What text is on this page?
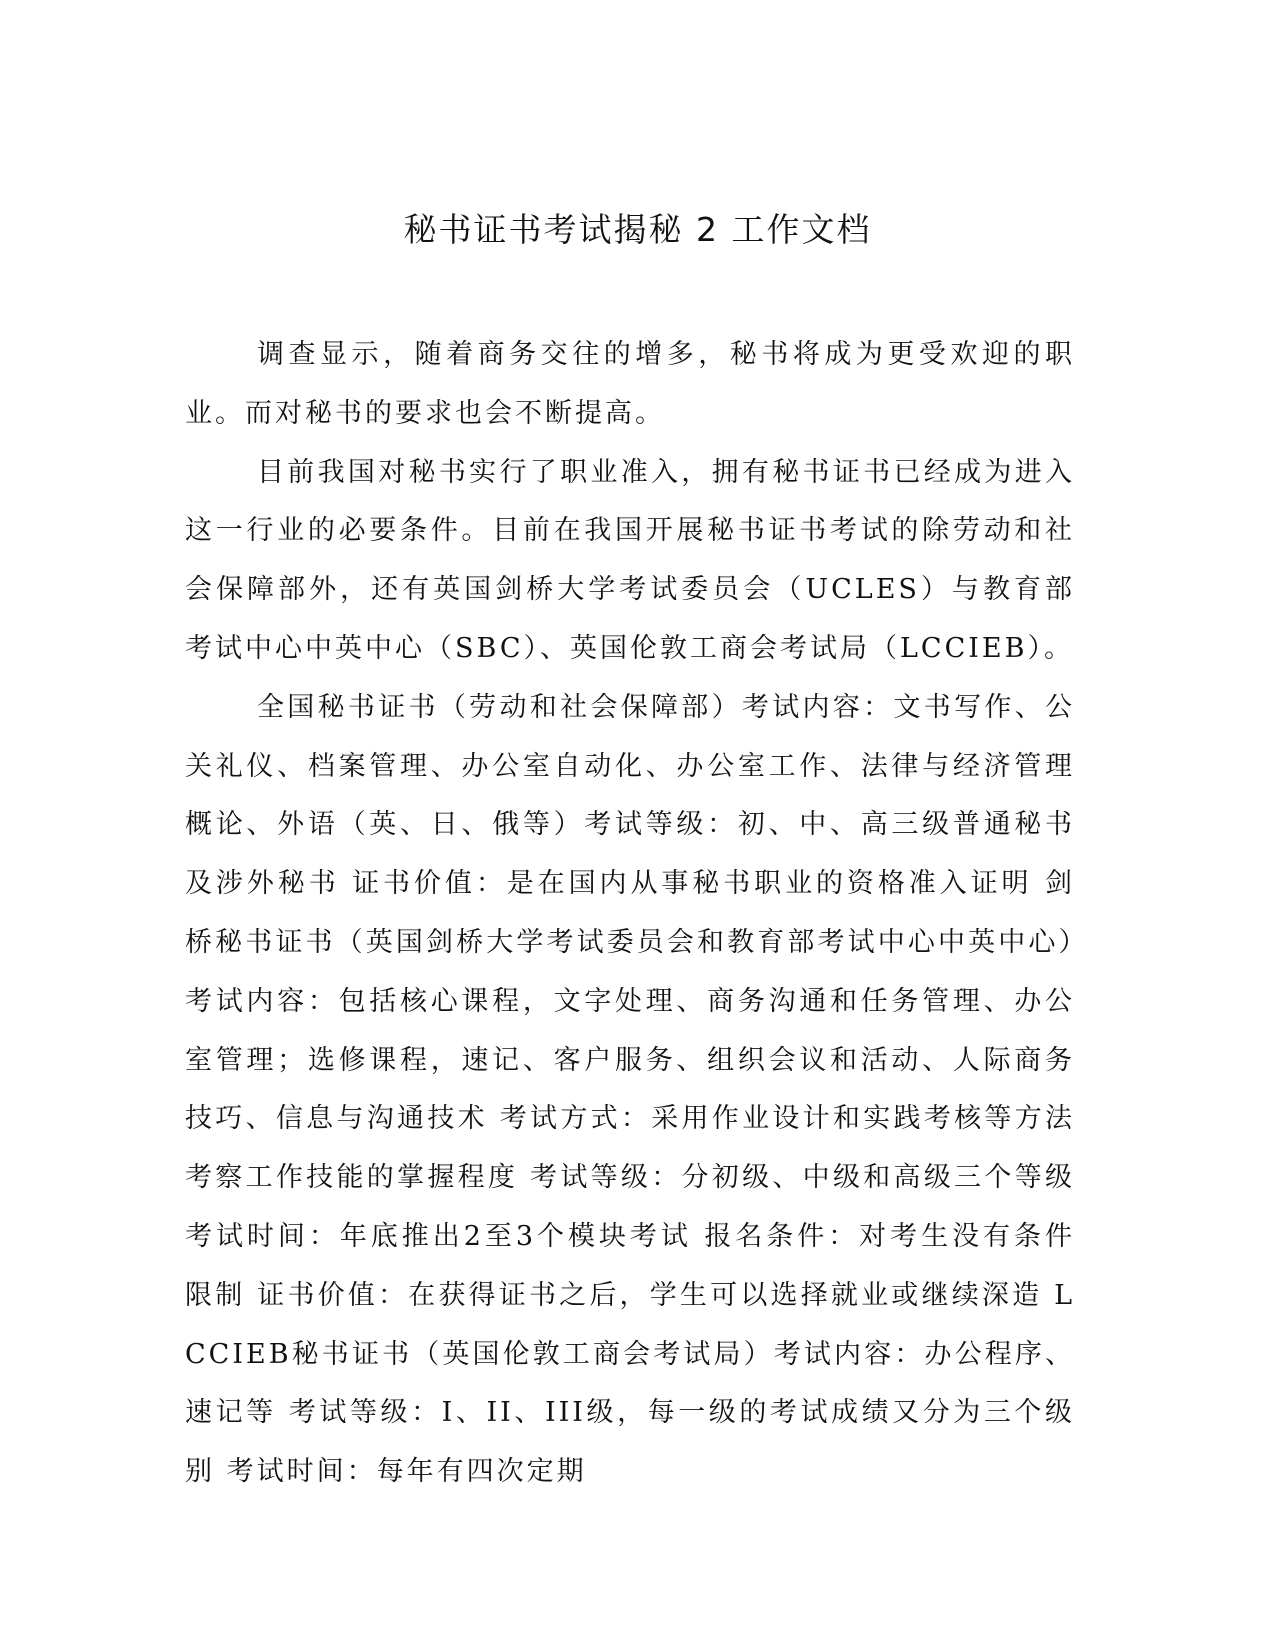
秘书证书考试揭秘 2 工作文档

调查显示，随着商务交往的增多，秘书将成为更受欢迎的职业。而对秘书的要求也会不断提高。

目前我国对秘书实行了职业准入，拥有秘书证书已经成为进入这一行业的必要条件。目前在我国开展秘书证书考试的除劳动和社会保障部外，还有英国剑桥大学考试委员会（UCLES）与教育部考试中心中英中心（SBC）、英国伦敦工商会考试局（LCCIEB）。

全国秘书证书（劳动和社会保障部）考试内容：文书写作、公关礼仪、档案管理、办公室自动化、办公室工作、法律与经济管理概论、外语（英、日、俄等）考试等级：初、中、高三级普通秘书及涉外秘书 证书价值：是在国内从事秘书职业的资格准入证明 剑桥秘书证书（英国剑桥大学考试委员会和教育部考试中心中英中心）考试内容：包括核心课程，文字处理、商务沟通和任务管理、办公室管理；选修课程，速记、客户服务、组织会议和活动、人际商务技巧、信息与沟通技术 考试方式：采用作业设计和实践考核等方法考察工作技能的掌握程度 考试等级：分初级、中级和高级三个等级 考试时间：年底推出2至3个模块考试 报名条件：对考生没有条件限制 证书价值：在获得证书之后，学生可以选择就业或继续深造 LCCIEB秘书证书（英国伦敦工商会考试局）考试内容：办公程序、速记等 考试等级：I、II、III级，每一级的考试成绩又分为三个级别 考试时间：每年有四次定期
